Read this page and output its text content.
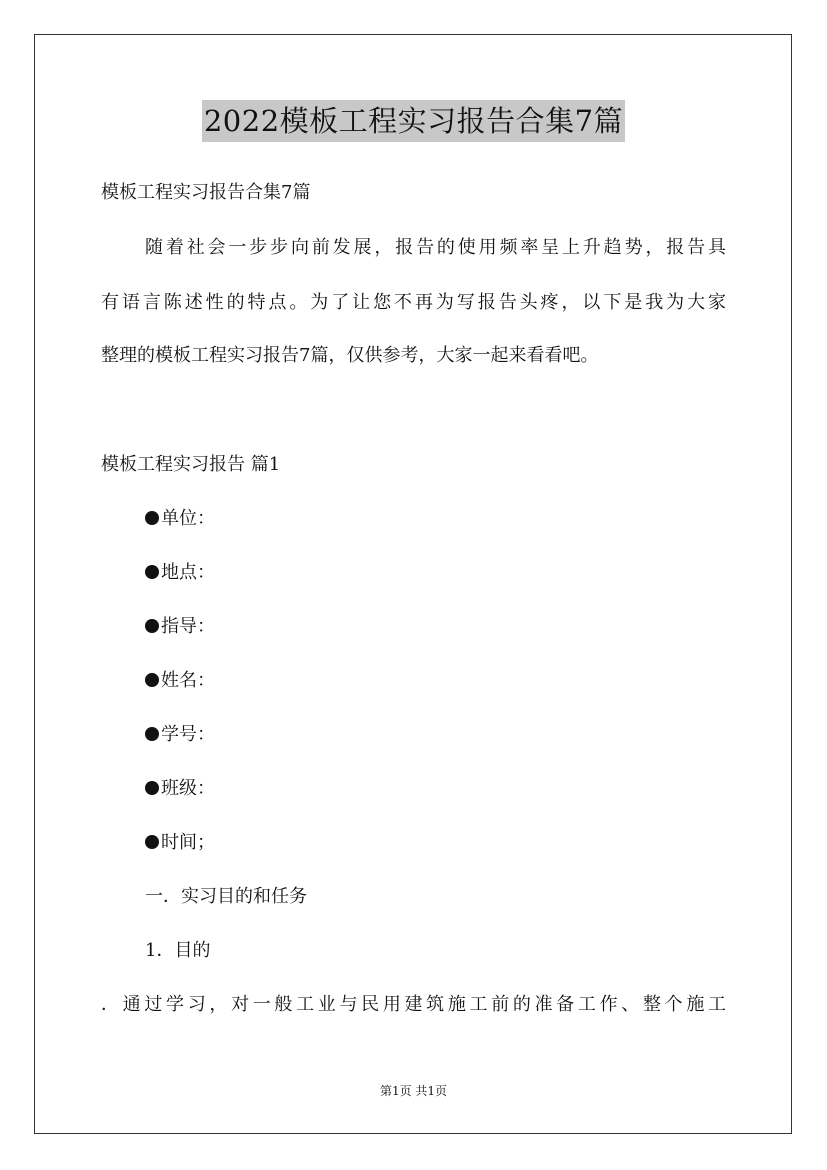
2022模板工程实习报告合集7篇
模板工程实习报告合集7篇
随着社会一步步向前发展，报告的使用频率呈上升趋势，报告具
有语言陈述性的特点。为了让您不再为写报告头疼，以下是我为大家
整理的模板工程实习报告7篇，仅供参考，大家一起来看看吧。
模板工程实习报告 篇1
单位：
地点：
指导：
姓名：
学号：
班级：
时间；
一．实习目的和任务
1．目的
．通过学习，对一般工业与民用建筑施工前的准备工作、整个施工
第1页 共1页
